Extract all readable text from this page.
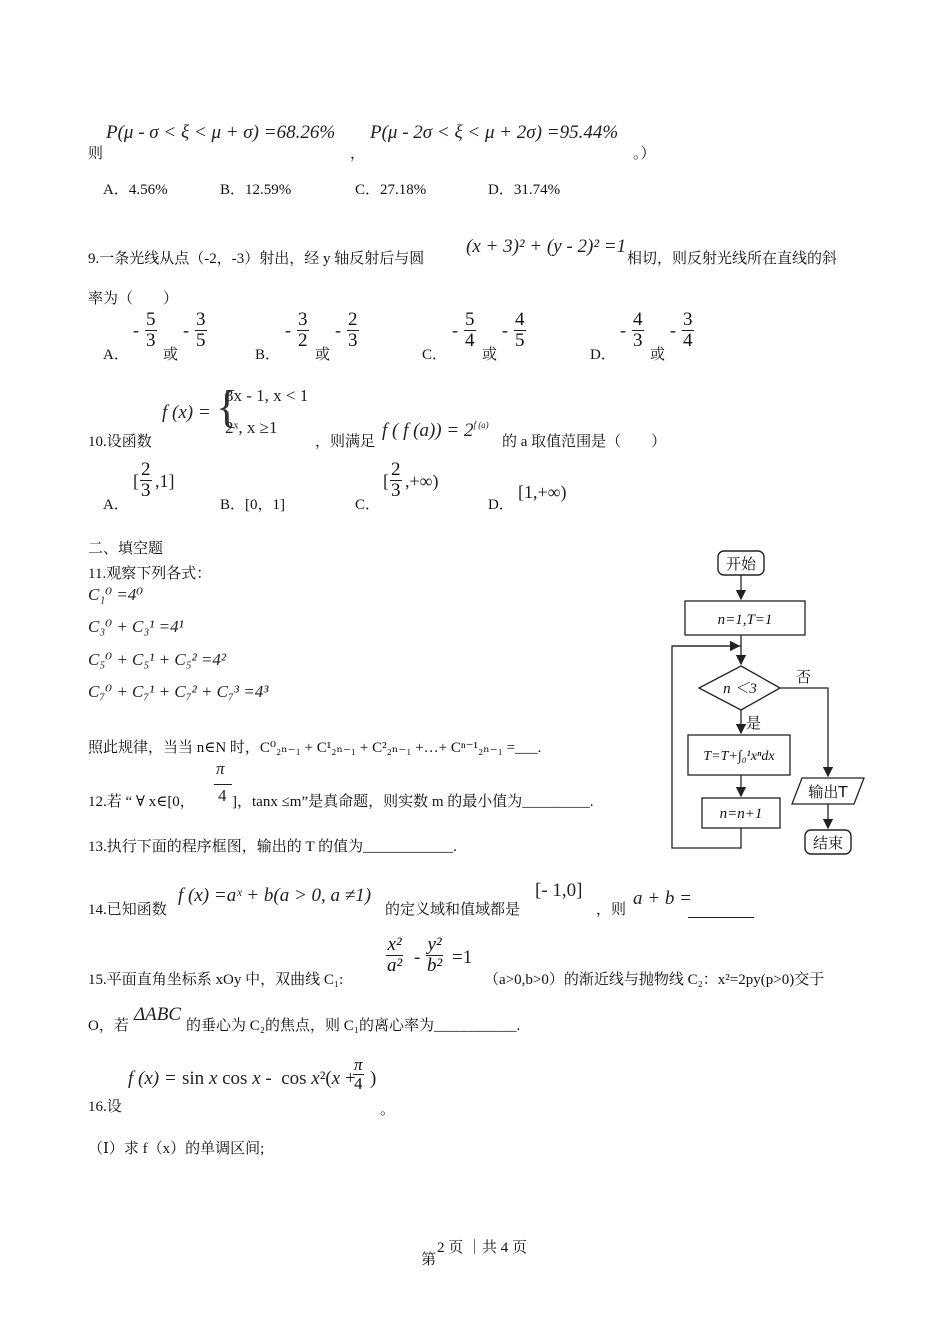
则
P(μ - σ < ξ < μ + σ) =68.26%
，
P(μ - 2σ < ξ < μ + 2σ) =95.44%
。）
A．4.56%	B．12.59%	C．27.18%	D．31.74%
9.一条光线从点（-2，-3）射出，经 y 轴反射后与圆
(x + 3)² + (y - 2)² =1
相切，则反射光线所在直线的斜
率为（　　）
A．
- $\frac{5}{3}$
或
- $\frac{3}{5}$
B．
- $\frac{3}{2}$
或
- $\frac{2}{3}$
C．
- $\frac{5}{4}$
或
- $\frac{4}{5}$
D．
- $\frac{4}{3}$
或
- $\frac{3}{4}$
10.设函数
f (x) = {
3x - 1, x < 1
2ˣ, x ≥1
，则满足
f ( f $(a)) = 2^{f (a)}$
的 a 取值范围是（　　）
A．
[ $\frac{2}{3} ,1$]
B．[0，1]	C．
[ $\frac{2}{3}$ ,+∞)
D．
[1,+∞)
二、填空题
11.观察下列各式：
C₁⁰ =4⁰
C₃⁰ + C₃¹ =4¹
C₅⁰ + C₅¹ + C₅² =4²
C₇⁰ + C₇¹ + C₇² + C₇³ =4³
照此规律，当当 n∈N 时，C⁰₂ₙ₋₁ + C¹₂ₙ₋₁ + C²₂ₙ₋₁ +…+ Cⁿ⁻¹₂ₙ₋₁ =___.
12.若 “ ∀ x∈[0，
π
4 ]，tanx ≤m”是真命题，则实数 m 的最小值为_________.
13.执行下面的程序框图，输出的 T 的值为____________.
14.已知函数
f (x) =aˣ + b(a > 0, a ≠1)
的定义域和值域都是
[- 1,0]
，则
a + b =
15.平面直角坐标系 xOy 中，双曲线 C₁:
$\frac{\text{x²}}{\text{a²}} - \frac{\text{y²}}{\text{b²}} =1$
（a>0,b>0）的渐近线与抛物线 C₂：x²=2py(p>0)交于
O，若
ΔABC
的垂心为 C₂的焦点，则 C₁的离心率为___________.
16.设
f (x) = sin x cos x -  cos x²(x +
$\frac{\pi}{4}$ )
。
（Ⅰ）求 f（x）的单调区间;
开始
n=1,T=1
n ＜3
否
是
T=T+∫₀¹xⁿdx
n=n+1
输出T
结束
第
2 页 ｜共 4 页
